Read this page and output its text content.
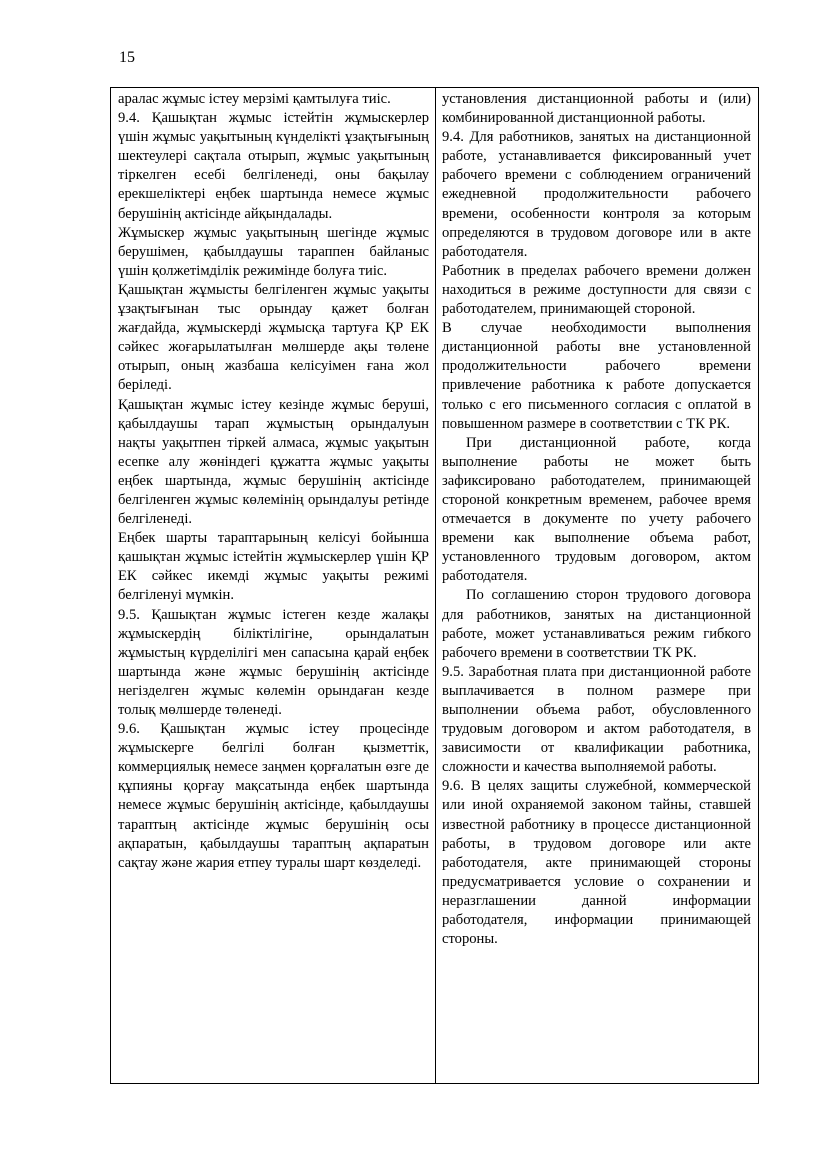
15

аралас жұмыс істеу мерзімі қамтылуға тиіс.

9.4. Қашықтан жұмыс істейтін жұмыскерлер үшін жұмыс уақытының күнделікті ұзақтығының шектеулері сақтала отырып, жұмыс уақытының тіркелген есебі белгіленеді, оны бақылау ерекшеліктері еңбек шартында немесе жұмыс берушінің актісінде айқындалады.

Жұмыскер жұмыс уақытының шегінде жұмыс берушімен, қабылдаушы тараппен байланыс үшін қолжетімділік режимінде болуға тиіс.

Қашықтан жұмысты белгіленген жұмыс уақыты ұзақтығынан тыс орындау қажет болған жағдайда, жұмыскерді жұмысқа тартуға ҚР ЕК сәйкес жоғарылатылған мөлшерде ақы төлене отырып, оның жазбаша келісуімен ғана жол беріледі.

Қашықтан жұмыс істеу кезінде жұмыс беруші, қабылдаушы тарап жұмыстың орындалуын нақты уақытпен тіркей алмаса, жұмыс уақытын есепке алу жөніндегі құжатта жұмыс уақыты еңбек шартында, жұмыс берушінің актісінде белгіленген жұмыс көлемінің орындалуы ретінде белгіленеді.

Еңбек шарты тараптарының келісуі бойынша қашықтан жұмыс істейтін жұмыскерлер үшін ҚР ЕК сәйкес икемді жұмыс уақыты режимі белгіленуі мүмкін.

9.5. Қашықтан жұмыс істеген кезде жалақы жұмыскердің біліктілігіне, орындалатын жұмыстың күрделілігі мен сапасына қарай еңбек шартында және жұмыс берушінің актісінде негізделген жұмыс көлемін орындаған кезде толық мөлшерде төленеді.

9.6. Қашықтан жұмыс істеу процесінде жұмыскерге белгілі болған қызметтік, коммерциялық немесе заңмен қорғалатын өзге де құпияны қорғау мақсатында еңбек шартында немесе жұмыс берушінің актісінде, қабылдаушы тараптың актісінде жұмыс берушінің осы ақпаратын, қабылдаушы тараптың ақпаратын сақтау және жария етпеу туралы шарт көзделеді.

установления дистанционной работы и (или) комбинированной дистанционной работы.

9.4. Для работников, занятых на дистанционной работе, устанавливается фиксированный учет рабочего времени с соблюдением ограничений ежедневной продолжительности рабочего времени, особенности контроля за которым определяются в трудовом договоре или в акте работодателя.

Работник в пределах рабочего времени должен находиться в режиме доступности для связи с работодателем, принимающей стороной.

В случае необходимости выполнения дистанционной работы вне установленной продолжительности рабочего времени привлечение работника к работе допускается только с его письменного согласия с оплатой в повышенном размере в соответствии с ТК РК.

При дистанционной работе, когда выполнение работы не может быть зафиксировано работодателем, принимающей стороной конкретным временем, рабочее время отмечается в документе по учету рабочего времени как выполнение объема работ, установленного трудовым договором, актом работодателя.

По соглашению сторон трудового договора для работников, занятых на дистанционной работе, может устанавливаться режим гибкого рабочего времени в соответствии ТК РК.

9.5. Заработная плата при дистанционной работе выплачивается в полном размере при выполнении объема работ, обусловленного трудовым договором и актом работодателя, в зависимости от квалификации работника, сложности и качества выполняемой работы.

9.6. В целях защиты служебной, коммерческой или иной охраняемой законом тайны, ставшей известной работнику в процессе дистанционной работы, в трудовом договоре или акте работодателя, акте принимающей стороны предусматривается условие о сохранении и неразглашении данной информации работодателя, информации принимающей стороны.
